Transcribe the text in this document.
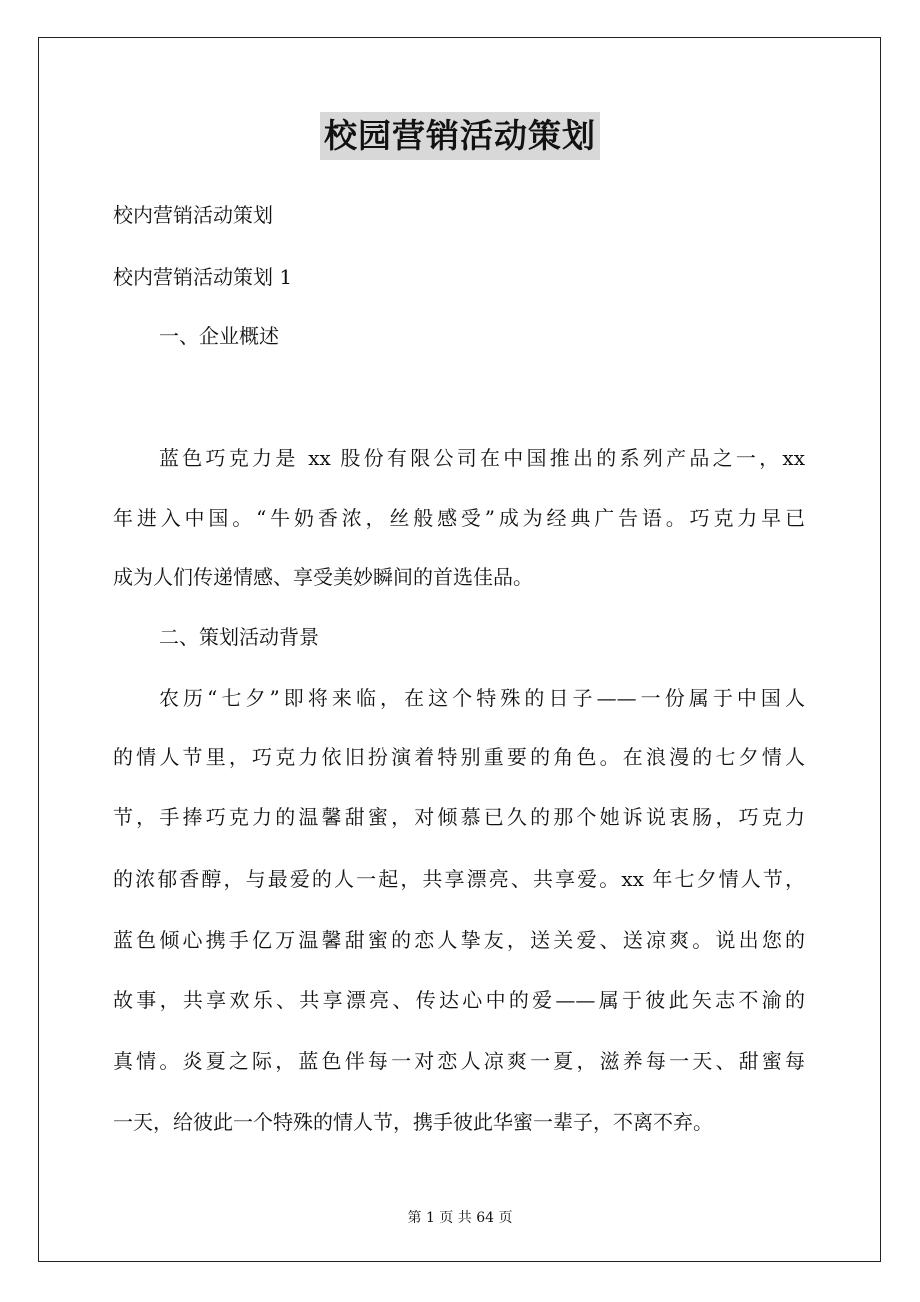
校园营销活动策划
校内营销活动策划
校内营销活动策划 1
一、企业概述
蓝色巧克力是 xx 股份有限公司在中国推出的系列产品之一，xx
年进入中国。“牛奶香浓，丝般感受”成为经典广告语。巧克力早已
成为人们传递情感、享受美妙瞬间的首选佳品。
二、策划活动背景
农历“七夕”即将来临，在这个特殊的日子——一份属于中国人
的情人节里，巧克力依旧扮演着特别重要的角色。在浪漫的七夕情人
节，手捧巧克力的温馨甜蜜，对倾慕已久的那个她诉说衷肠，巧克力
的浓郁香醇，与最爱的人一起，共享漂亮、共享爱。xx 年七夕情人节，
蓝色倾心携手亿万温馨甜蜜的恋人挚友，送关爱、送凉爽。说出您的
故事，共享欢乐、共享漂亮、传达心中的爱——属于彼此矢志不渝的
真情。炎夏之际，蓝色伴每一对恋人凉爽一夏，滋养每一天、甜蜜每
一天，给彼此一个特殊的情人节，携手彼此华蜜一辈子，不离不弃。
第 1 页 共 64 页
